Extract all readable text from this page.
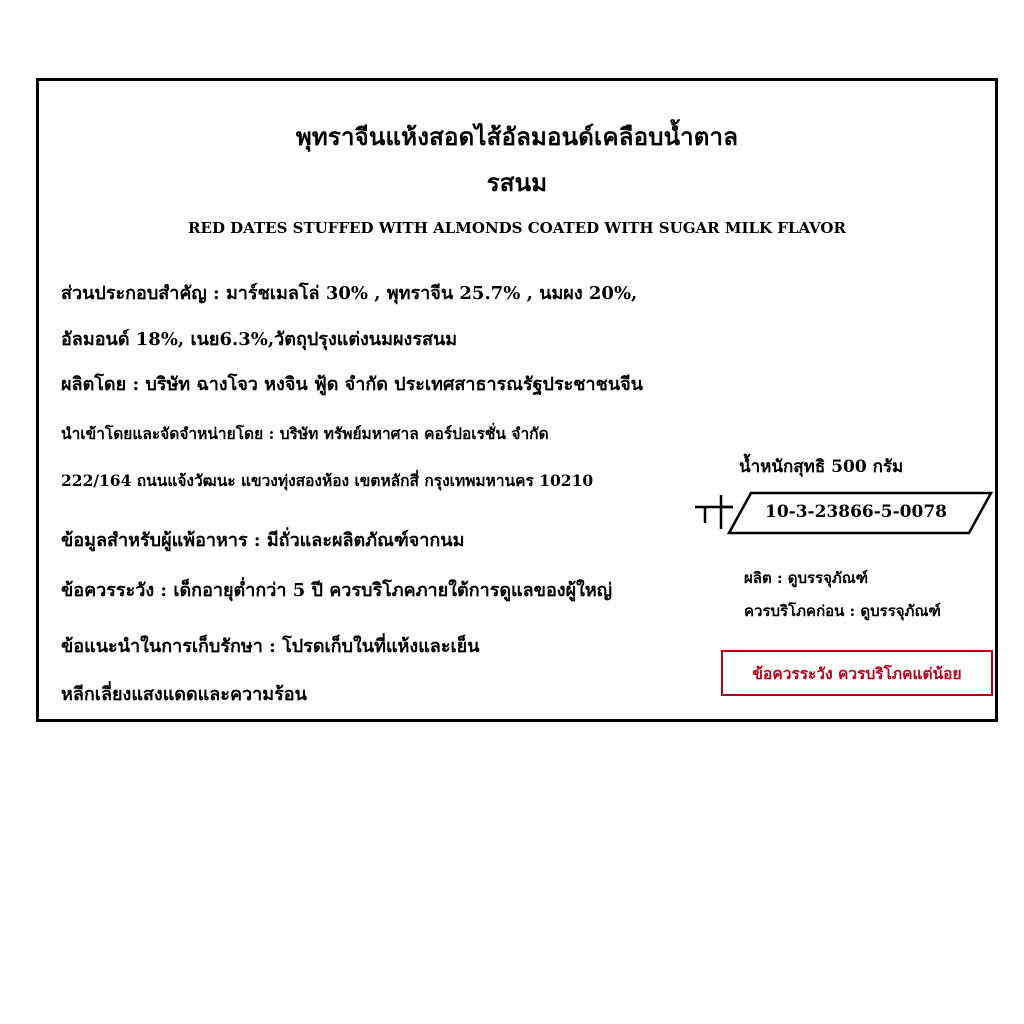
พุทราจีนแห้งสอดไส้อัลมอนด์เคลือบน้ำตาล
รสนม
RED DATES STUFFED WITH ALMONDS COATED WITH SUGAR MILK FLAVOR
ส่วนประกอบสำคัญ : มาร์ชเมลโล่ 30% , พุทราจีน 25.7% , นมผง 20%,
อัลมอนด์ 18%, เนย6.3%,วัตถุปรุงแต่งนมผงรสนม
ผลิตโดย : บริษัท ฉางโจว หงจิน ฟู้ด จำกัด ประเทศสาธารณรัฐประชาชนจีน
นำเข้าโดยและจัดจำหน่ายโดย : บริษัท ทรัพย์มหาศาล คอร์ปอเรชั่น จำกัด
222/164 ถนนแจ้งวัฒนะ แขวงทุ่งสองห้อง เขตหลักสี่ กรุงเทพมหานคร 10210
ข้อมูลสำหรับผู้แพ้อาหาร : มีถั่วและผลิตภัณฑ์จากนม
ข้อควรระวัง : เด็กอายุต่ำกว่า 5 ปี ควรบริโภคภายใต้การดูแลของผู้ใหญ่
ข้อแนะนำในการเก็บรักษา : โปรดเก็บในที่แห้งและเย็น
หลีกเลี่ยงแสงแดดและความร้อน
น้ำหนักสุทธิ 500 กรัม
10-3-23866-5-0078
ผลิต : ดูบรรจุภัณฑ์
ควรบริโภคก่อน : ดูบรรจุภัณฑ์
ข้อควรระวัง ควรบริโภคแต่น้อย
